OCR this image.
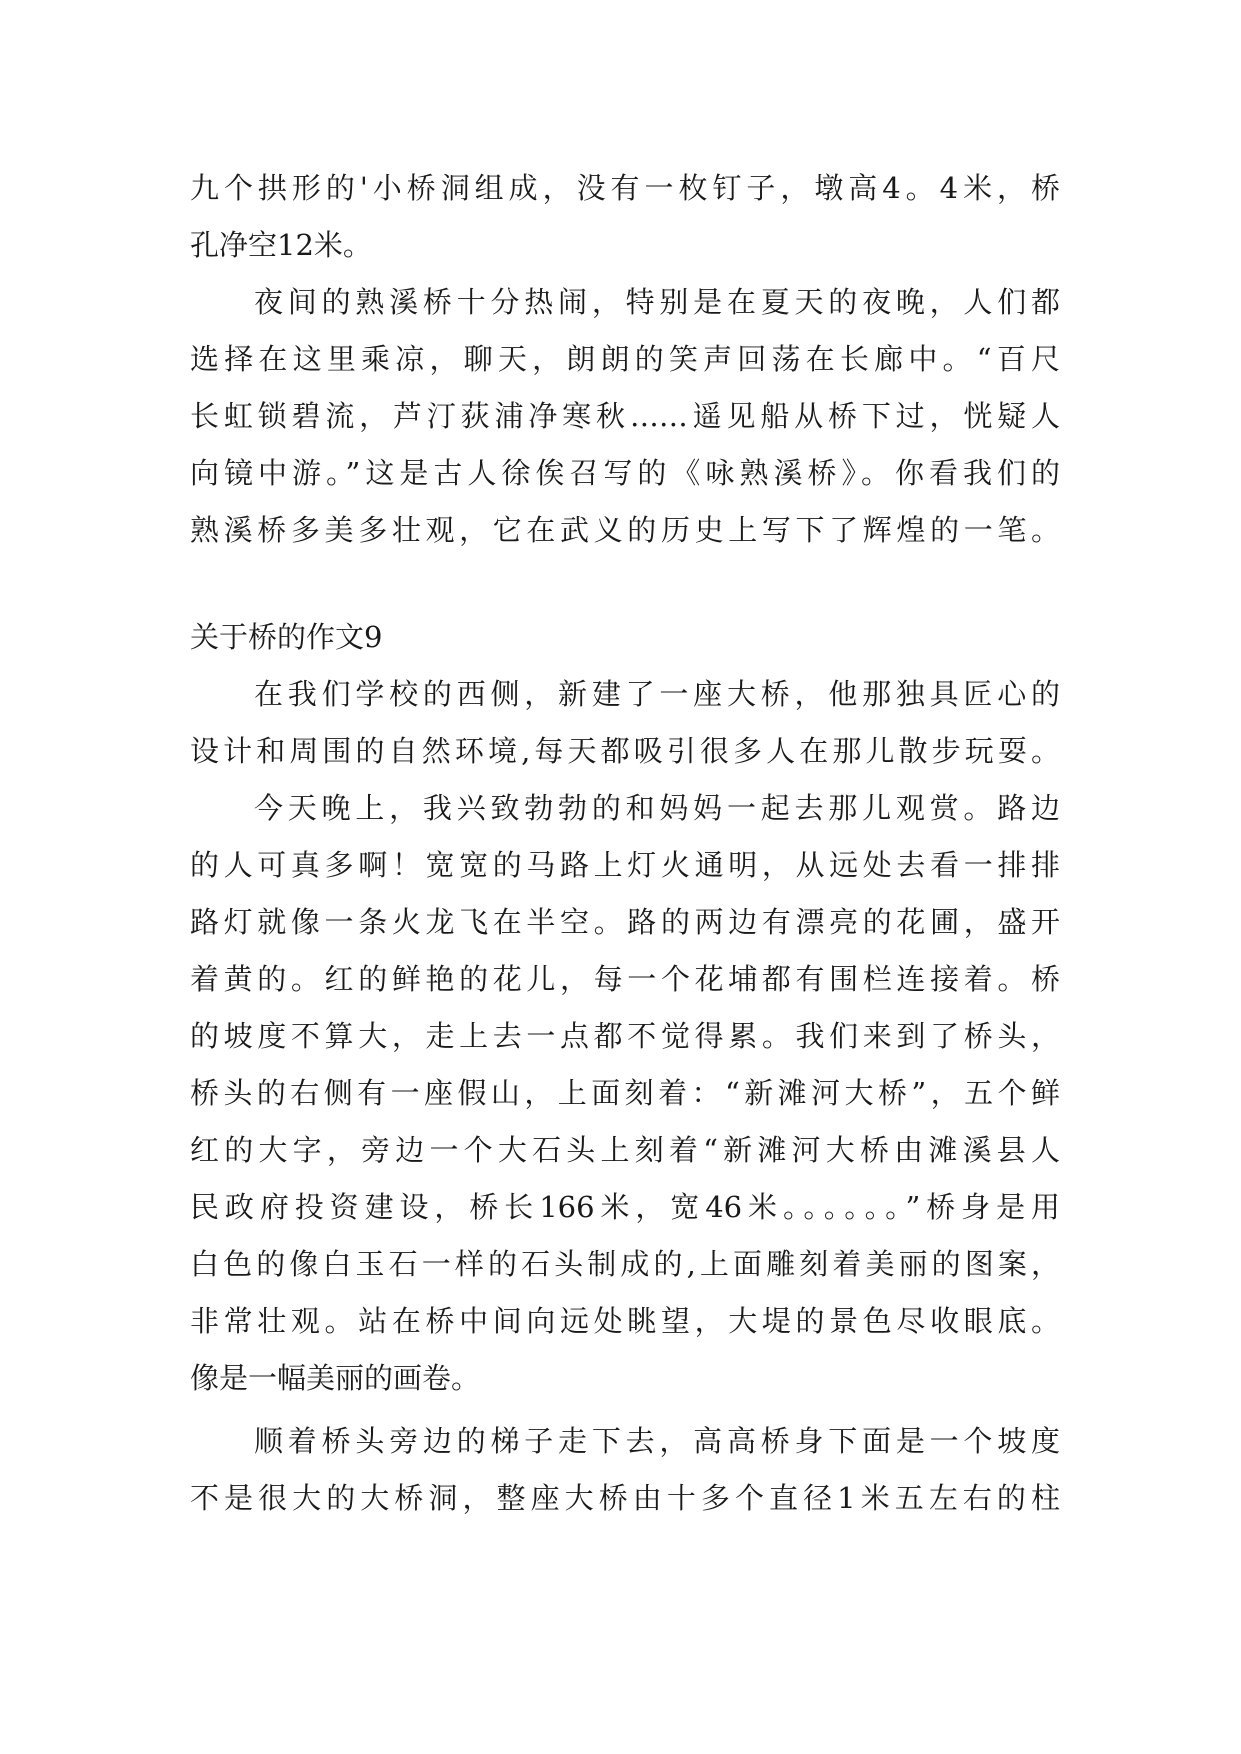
九个拱形的'小桥洞组成，没有一枚钉子，墩高4。4米，桥
孔净空12米。
夜间的熟溪桥十分热闹，特别是在夏天的夜晚，人们都
选择在这里乘凉，聊天，朗朗的笑声回荡在长廊中。“百尺
长虹锁碧流，芦汀荻浦净寒秋……遥见船从桥下过，恍疑人
向镜中游。”这是古人徐俟召写的《咏熟溪桥》。你看我们的
熟溪桥多美多壮观，它在武义的历史上写下了辉煌的一笔。
关于桥的作文9
在我们学校的西侧，新建了一座大桥，他那独具匠心的
设计和周围的自然环境,每天都吸引很多人在那儿散步玩耍。
今天晚上，我兴致勃勃的和妈妈一起去那儿观赏。路边
的人可真多啊！宽宽的马路上灯火通明，从远处去看一排排
路灯就像一条火龙飞在半空。路的两边有漂亮的花圃，盛开
着黄的。红的鲜艳的花儿，每一个花埔都有围栏连接着。桥
的坡度不算大，走上去一点都不觉得累。我们来到了桥头，
桥头的右侧有一座假山，上面刻着：“新滩河大桥”，五个鲜
红的大字，旁边一个大石头上刻着“新滩河大桥由滩溪县人
民政府投资建设，桥长166米，宽46米。。。。。。”桥身是用
白色的像白玉石一样的石头制成的,上面雕刻着美丽的图案，
非常壮观。站在桥中间向远处眺望，大堤的景色尽收眼底。
像是一幅美丽的画卷。
顺着桥头旁边的梯子走下去，高高桥身下面是一个坡度
不是很大的大桥洞，整座大桥由十多个直径1米五左右的柱
